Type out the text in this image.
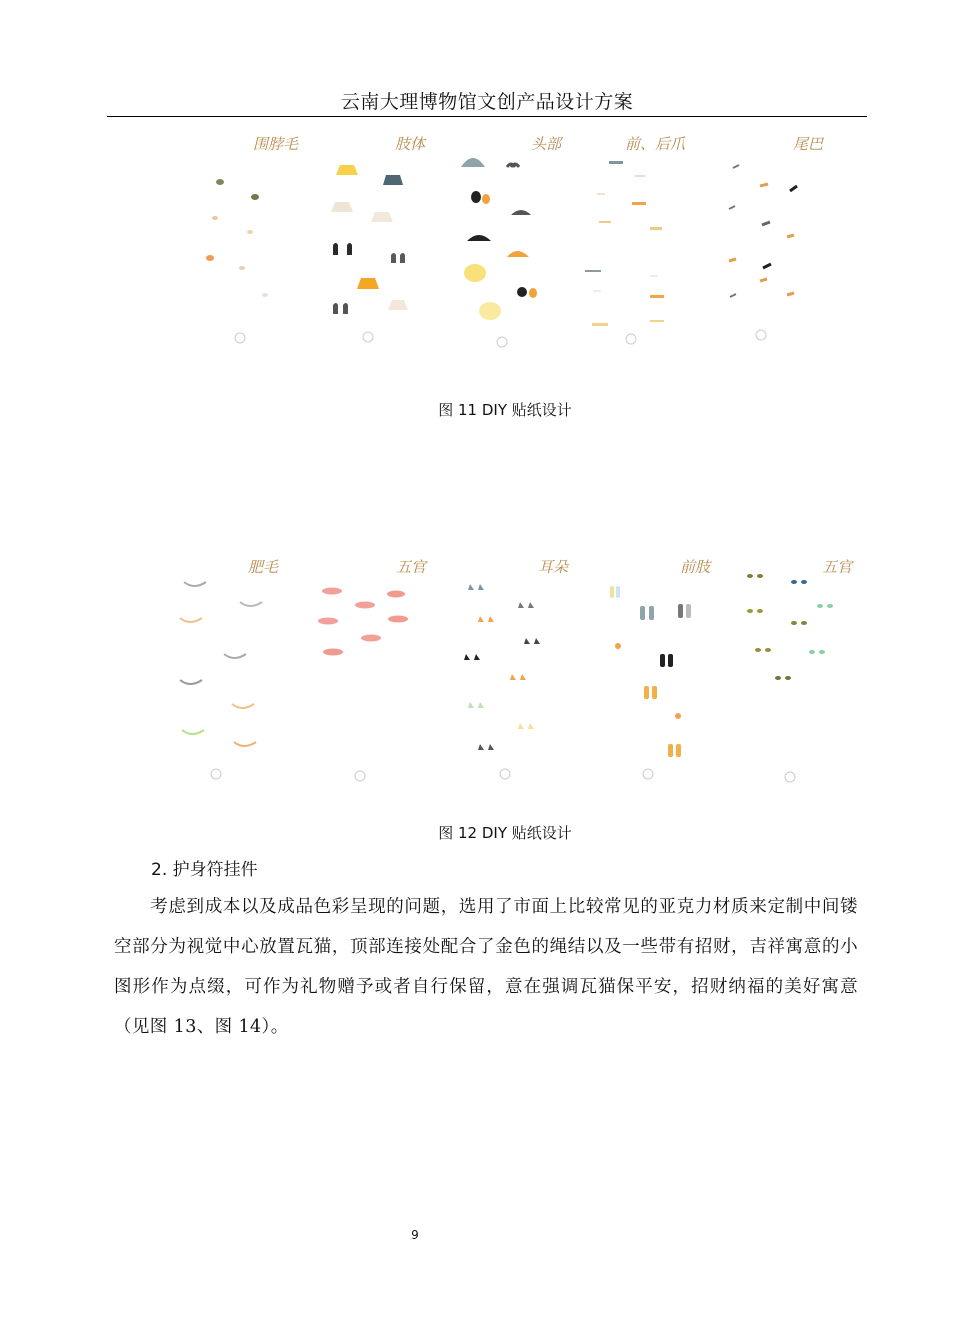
云南大理博物馆文创产品设计方案
围脖毛	肢体	头部	前、后爪	尾巴
图 11 DIY 贴纸设计
肥毛	五官	耳朵	前肢	五官
图 12 DIY 贴纸设计
2. 护身符挂件
考虑到成本以及成品色彩呈现的问题，选用了市面上比较常见的亚克力材质来定制中间镂空部分为视觉中心放置瓦猫，顶部连接处配合了金色的绳结以及一些带有招财，吉祥寓意的小图形作为点缀，可作为礼物赠予或者自行保留，意在强调瓦猫保平安，招财纳福的美好寓意（见图 13、图 14）。
9
